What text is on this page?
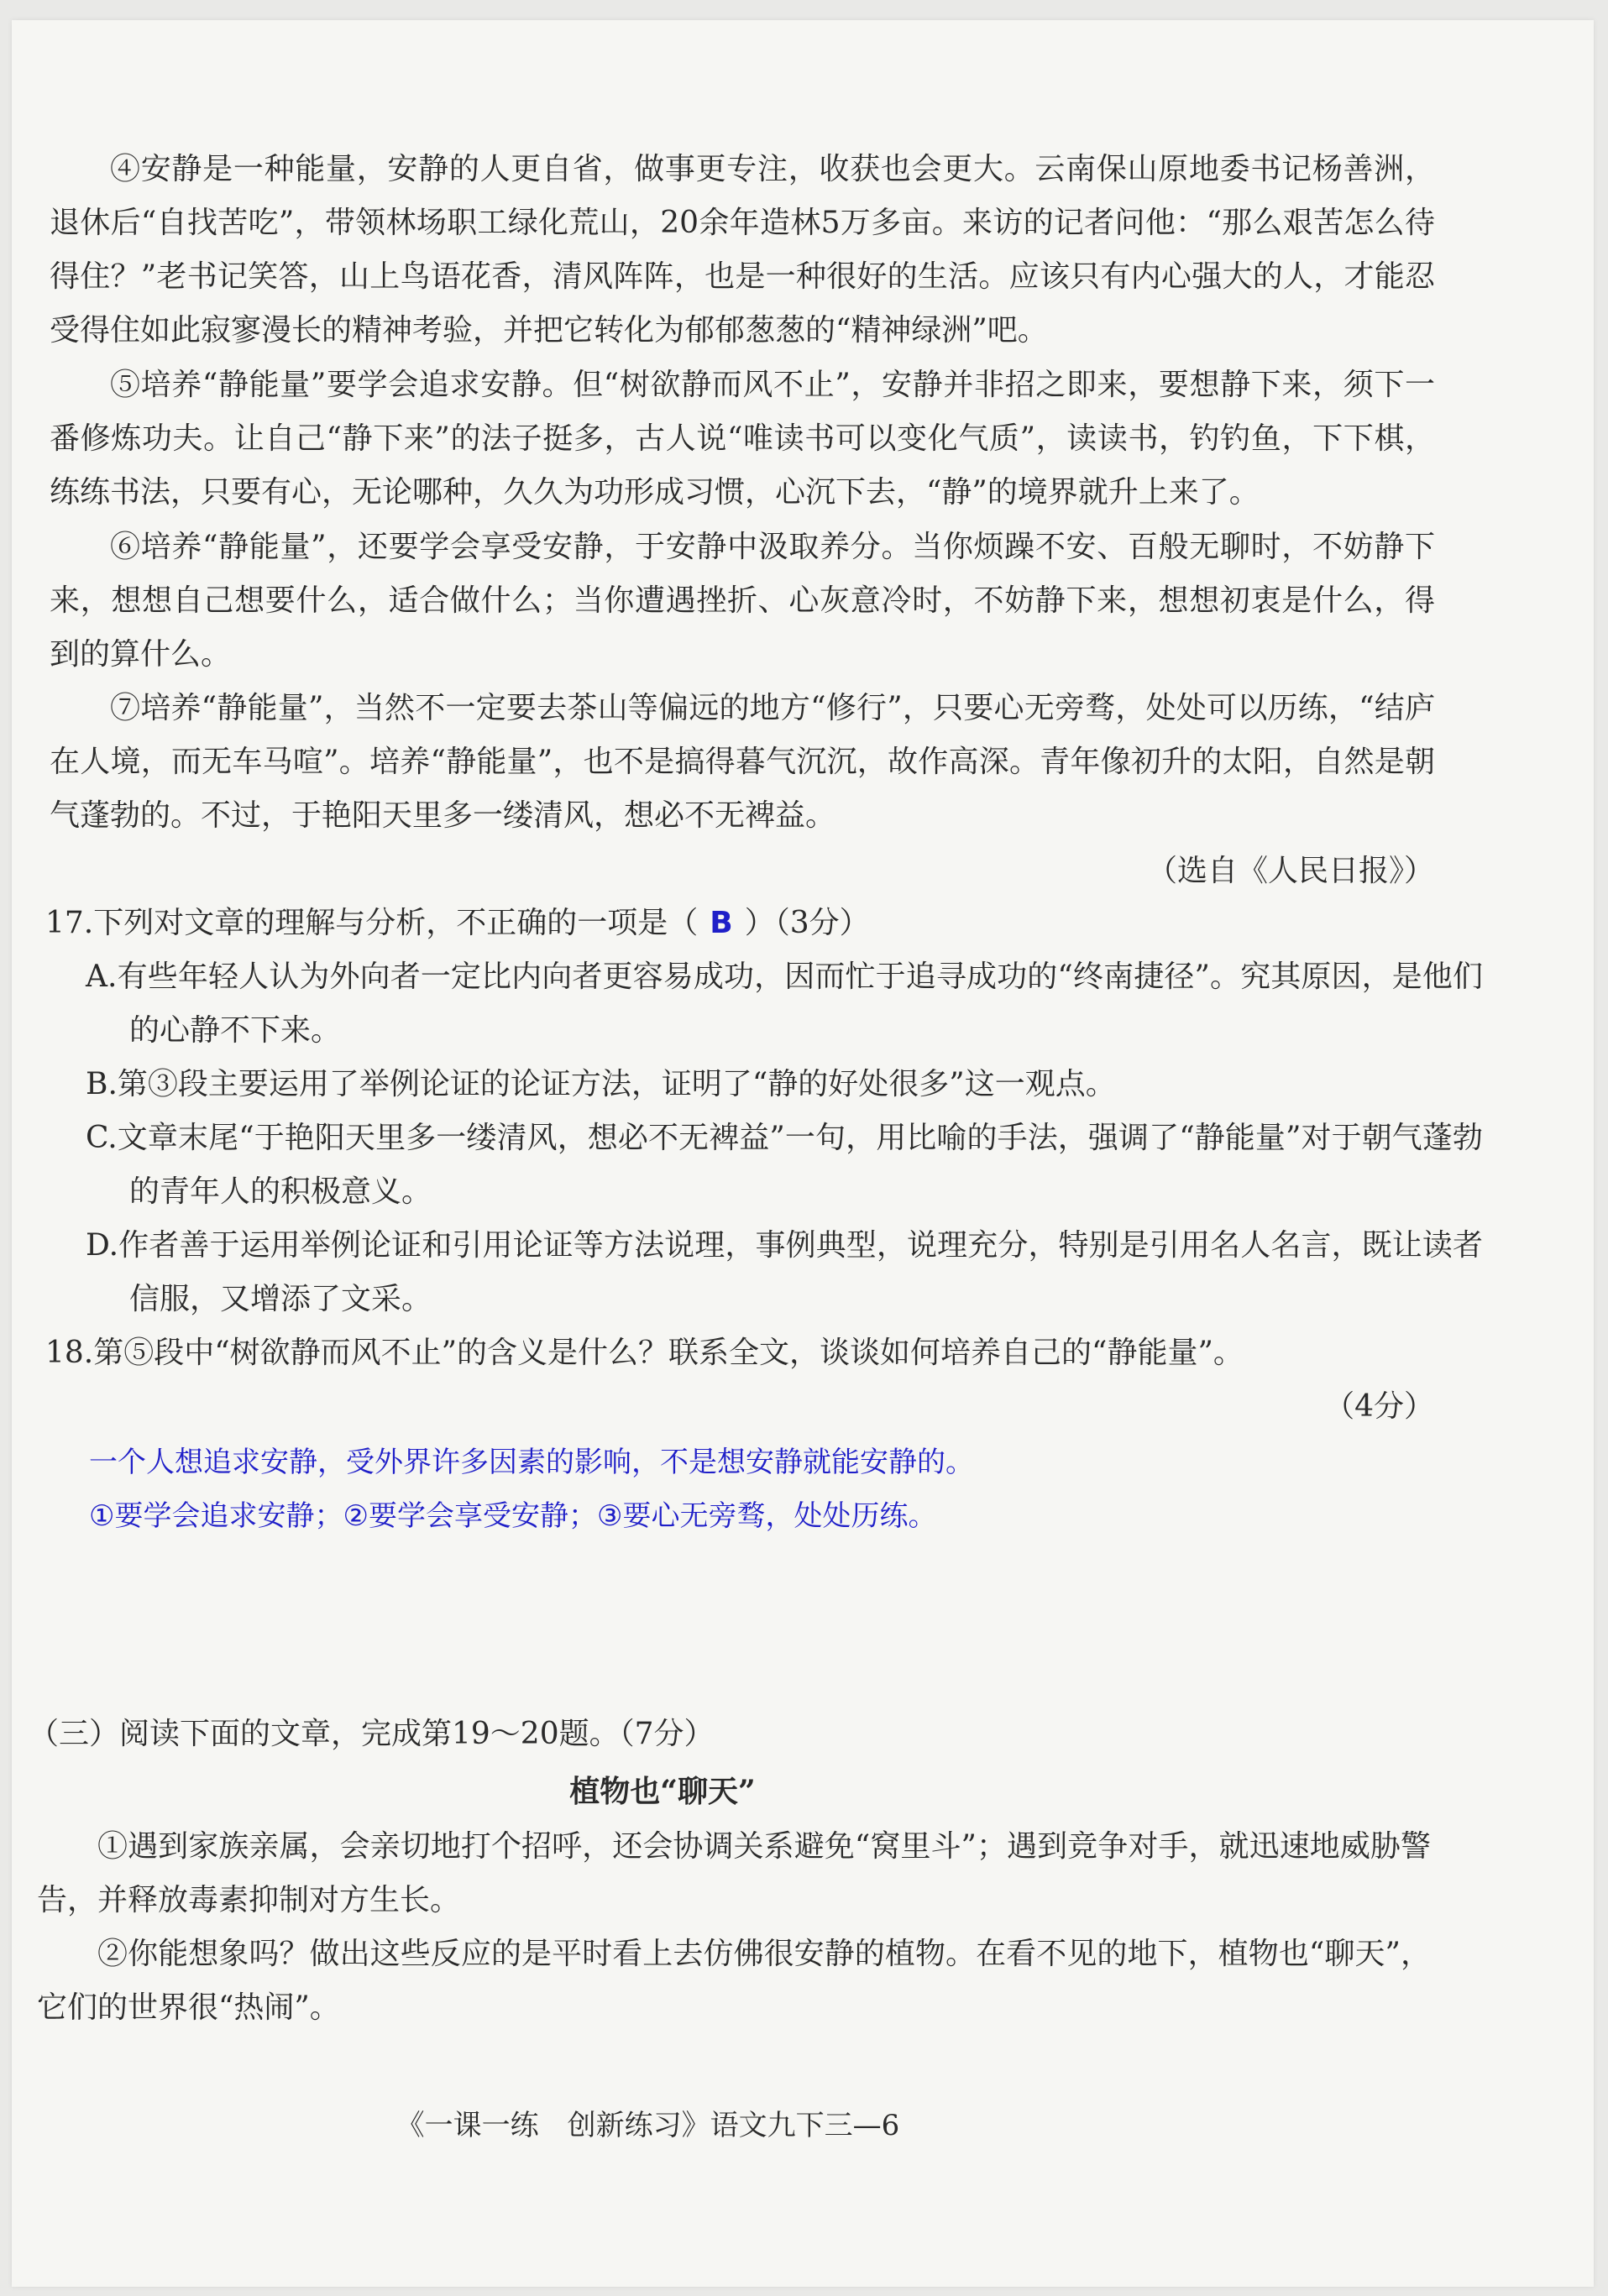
④安静是一种能量，安静的人更自省，做事更专注，收获也会更大。云南保山原地委书记杨善洲，退休后“自找苦吃”，带领林场职工绿化荒山，20余年造林5万多亩。来访的记者问他：“那么艰苦怎么待得住？”老书记笑答，山上鸟语花香，清风阵阵，也是一种很好的生活。应该只有内心强大的人，才能忍受得住如此寂寥漫长的精神考验，并把它转化为郁郁葱葱的“精神绿洲”吧。

⑤培养“静能量”要学会追求安静。但“树欲静而风不止”，安静并非招之即来，要想静下来，须下一番修炼功夫。让自己“静下来”的法子挺多，古人说“唯读书可以变化气质”，读读书，钓钓鱼，下下棋，练练书法，只要有心，无论哪种，久久为功形成习惯，心沉下去，“静”的境界就升上来了。

⑥培养“静能量”，还要学会享受安静，于安静中汲取养分。当你烦躁不安、百般无聊时，不妨静下来，想想自己想要什么，适合做什么；当你遭遇挫折、心灰意冷时，不妨静下来，想想初衷是什么，得到的算什么。

⑦培养“静能量”，当然不一定要去茶山等偏远的地方“修行”，只要心无旁骛，处处可以历练，“结庐在人境，而无车马喧”。培养“静能量”，也不是搞得暮气沉沉，故作高深。青年像初升的太阳，自然是朝气蓬勃的。不过，于艳阳天里多一缕清风，想必不无裨益。

（选自《人民日报》）

17.下列对文章的理解与分析，不正确的一项是（ B ）（3分）

A.有些年轻人认为外向者一定比内向者更容易成功，因而忙于追寻成功的“终南捷径”。究其原因，是他们的心静不下来。

B.第③段主要运用了举例论证的论证方法，证明了“静的好处很多”这一观点。

C.文章末尾“于艳阳天里多一缕清风，想必不无裨益”一句，用比喻的手法，强调了“静能量”对于朝气蓬勃的青年人的积极意义。

D.作者善于运用举例论证和引用论证等方法说理，事例典型，说理充分，特别是引用名人名言，既让读者信服，又增添了文采。

18.第⑤段中“树欲静而风不止”的含义是什么？联系全文，谈谈如何培养自己的“静能量”。

（4分）

一个人想追求安静，受外界许多因素的影响，不是想安静就能安静的。

①要学会追求安静；②要学会享受安静；③要心无旁骛，处处历练。

（三）阅读下面的文章，完成第19～20题。（7分）

植物也“聊天”

①遇到家族亲属，会亲切地打个招呼，还会协调关系避免“窝里斗”；遇到竞争对手，就迅速地威胁警告，并释放毒素抑制对方生长。

②你能想象吗？做出这些反应的是平时看上去仿佛很安静的植物。在看不见的地下，植物也“聊天”，它们的世界很“热闹”。

《一课一练　创新练习》语文九下三—6
